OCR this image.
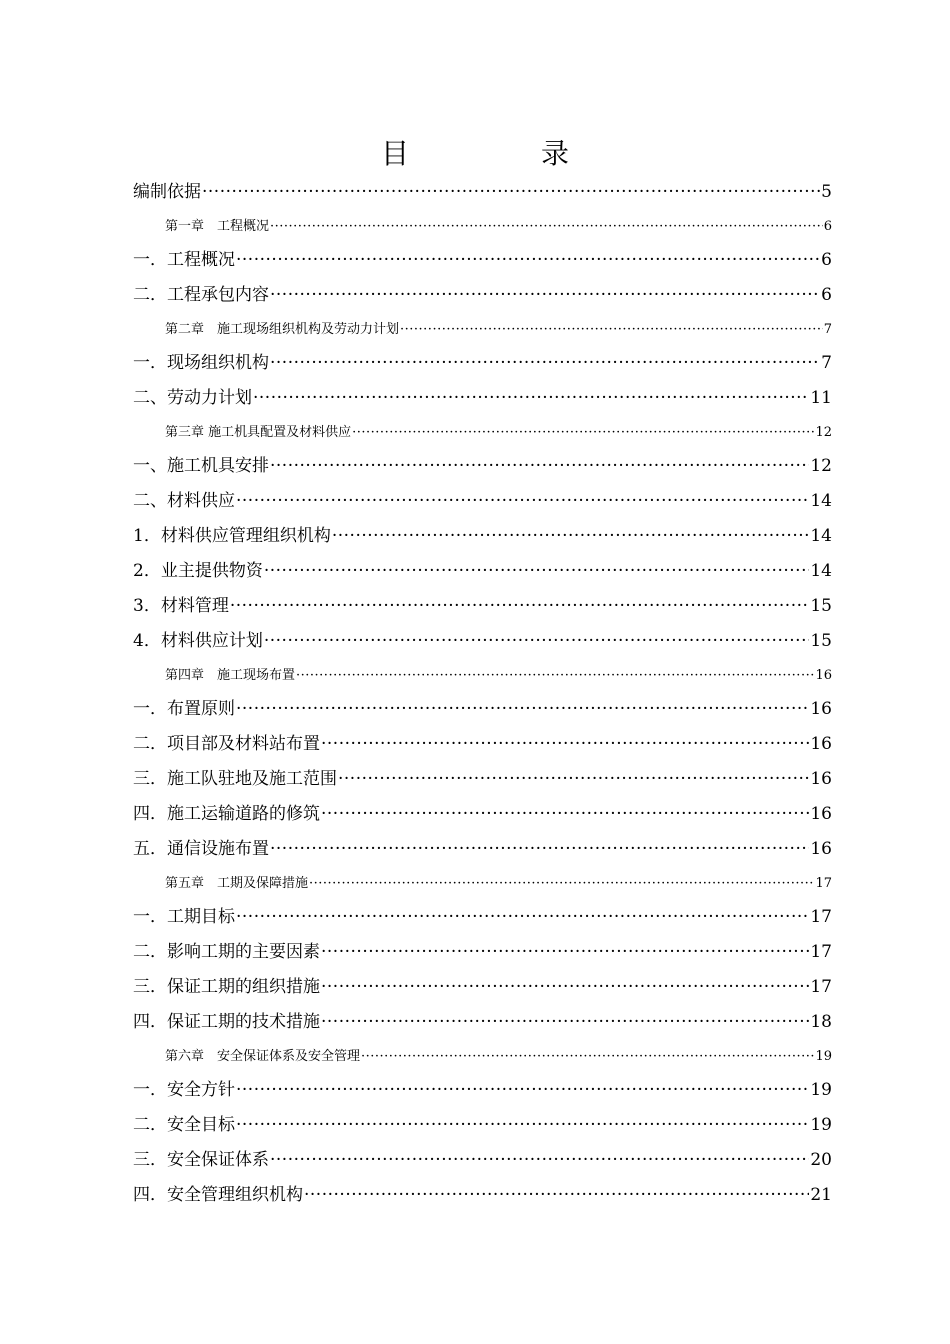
目　录
编制依据 ·····	5
第一章　工程概况 ·····	6
一．工程概况 ·····	6
二．工程承包内容 ·····	6
第二章　施工现场组织机构及劳动力计划 ·····	7
一．现场组织机构 ·····	7
二、劳动力计划 ·····	11
第三章 施工机具配置及材料供应 ·····	12
一、施工机具安排 ·····	12
二、材料供应 ·····	14
1．材料供应管理组织机构 ·····	14
2．业主提供物资 ·····	14
3．材料管理 ·····	15
4．材料供应计划 ·····	15
第四章　施工现场布置 ·····	16
一．布置原则 ·····	16
二．项目部及材料站布置 ·····	16
三．施工队驻地及施工范围 ·····	16
四．施工运输道路的修筑 ·····	16
五．通信设施布置 ·····	16
第五章　工期及保障措施 ·····	17
一．工期目标 ·····	17
二．影响工期的主要因素 ·····	17
三．保证工期的组织措施 ·····	17
四．保证工期的技术措施 ·····	18
第六章　安全保证体系及安全管理 ·····	19
一．安全方针 ·····	19
二．安全目标 ·····	19
三．安全保证体系 ·····	20
四．安全管理组织机构 ·····	21
